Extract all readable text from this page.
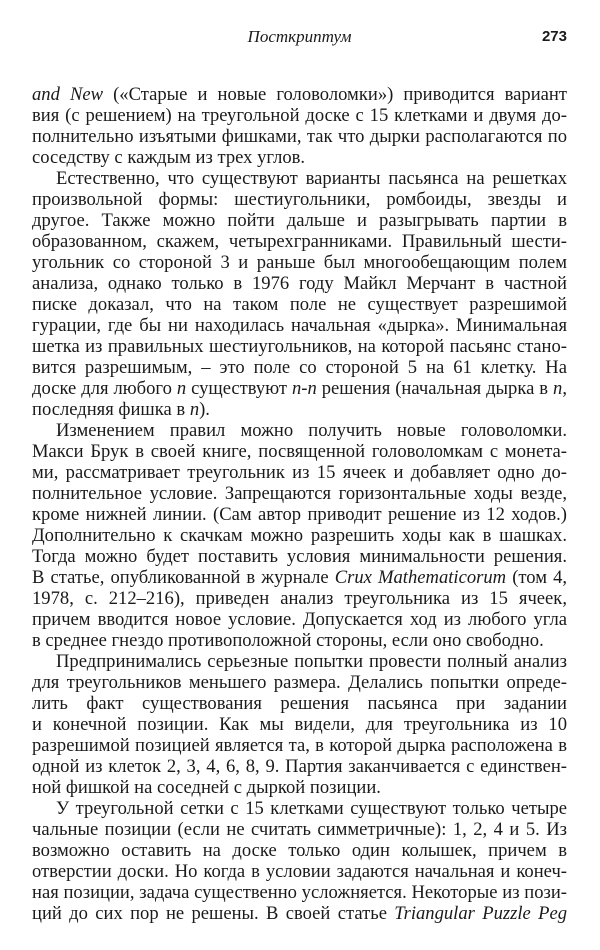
Посткриптум	273
and New («Старые и новые головоломки») приводится вариант
вия (с решением) на треугольной доске с 15 клетками и двумя до-
полнительно изъятыми фишками, так что дырки располагаются по
соседству с каждым из трех углов.
Естественно, что существуют варианты пасьянса на решетках
произвольной формы: шестиугольники, ромбоиды, звезды и
другое. Также можно пойти дальше и разыгрывать партии в
образованном, скажем, четырехгранниками. Правильный шести-
угольник со стороной 3 и раньше был многообещающим полем
анализа, однако только в 1976 году Майкл Мерчант в частной
писке доказал, что на таком поле не существует разрешимой
гурации, где бы ни находилась начальная «дырка». Минимальная
шетка из правильных шестиугольников, на которой пасьянс стано-
вится разрешимым, – это поле со стороной 5 на 61 клетку. На
доске для любого n существуют n-n решения (начальная дырка в n,
последняя фишка в n).
Изменением правил можно получить новые головоломки.
Макси Брук в своей книге, посвященной головоломкам с монета-
ми, рассматривает треугольник из 15 ячеек и добавляет одно до-
полнительное условие. Запрещаются горизонтальные ходы везде,
кроме нижней линии. (Сам автор приводит решение из 12 ходов.)
Дополнительно к скачкам можно разрешить ходы как в шашках.
Тогда можно будет поставить условия минимальности решения.
В статье, опубликованной в журнале Crux Mathematicorum (том 4,
1978, с. 212–216), приведен анализ треугольника из 15 ячеек,
причем вводится новое условие. Допускается ход из любого угла
в среднее гнездо противоположной стороны, если оно свободно.
Предпринимались серьезные попытки провести полный анализ
для треугольников меньшего размера. Делались попытки опреде-
лить факт существования решения пасьянса при задании
и конечной позиции. Как мы видели, для треугольника из 10
разрешимой позицией является та, в которой дырка расположена в
одной из клеток 2, 3, 4, 6, 8, 9. Партия заканчивается с единствен-
ной фишкой на соседней с дыркой позиции.
У треугольной сетки с 15 клетками существуют только четыре
чальные позиции (если не считать симметричные): 1, 2, 4 и 5. Из
возможно оставить на доске только один колышек, причем в
отверстии доски. Но когда в условии задаются начальная и конеч-
ная позиции, задача существенно усложняется. Некоторые из пози-
ций до сих пор не решены. В своей статье Triangular Puzzle Peg
